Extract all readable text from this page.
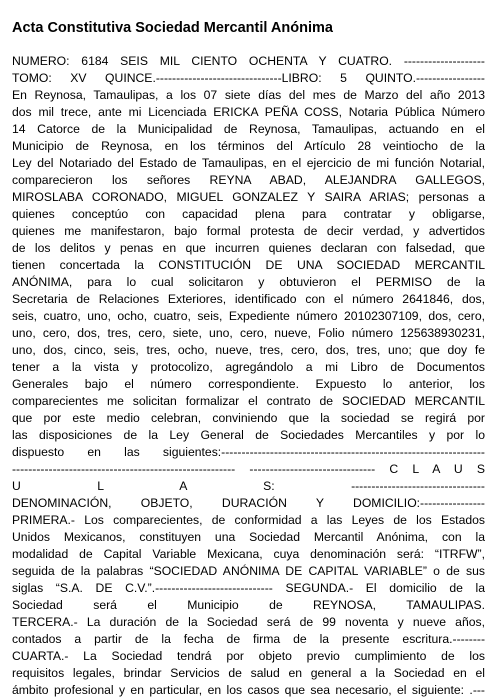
Acta Constitutiva Sociedad Mercantil Anónima
NUMERO: 6184 SEIS MIL CIENTO OCHENTA Y CUATRO. --------------------
TOMO: XV QUINCE.-------------------------------LIBRO: 5 QUINTO.-----------------
En Reynosa, Tamaulipas, a los 07 siete días del mes de Marzo del año 2013
dos mil trece, ante mi Licenciada ERICKA PEÑA COSS, Notaria Pública Número
14 Catorce de la Municipalidad de Reynosa, Tamaulipas, actuando en el
Municipio de Reynosa, en los términos del Artículo 28 veintiocho de la
Ley del Notariado del Estado de Tamaulipas, en el ejercicio de mi función Notarial,
comparecieron los señores REYNA ABAD, ALEJANDRA GALLEGOS,
MIROSLABA CORONADO, MIGUEL GONZALEZ Y SAIRA ARIAS; personas a
quienes conceptúo con capacidad plena para contratar y obligarse,
quienes me manifestaron, bajo formal protesta de decir verdad, y advertidos
de los delitos y penas en que incurren quienes declaran con falsedad, que
tienen concertada la CONSTITUCIÓN DE UNA SOCIEDAD MERCANTIL
ANÓNIMA, para lo cual solicitaron y obtuvieron el PERMISO de la
Secretaria de Relaciones Exteriores, identificado con el número 2641846, dos,
seis, cuatro, uno, ocho, cuatro, seis, Expediente número 20102307109, dos, cero,
uno, cero, dos, tres, cero, siete, uno, cero, nueve, Folio número 125638930231,
uno, dos, cinco, seis, tres, ocho, nueve, tres, cero, dos, tres, uno; que doy fe
tener a la vista y protocolizo, agregándolo a mi Libro de Documentos
Generales bajo el número correspondiente. Expuesto lo anterior, los
comparecientes me solicitan formalizar el contrato de SOCIEDAD MERCANTIL
que por este medio celebran, conviniendo que la sociedad se regirá por
las disposiciones de la Ley General de Sociedades Mercantiles y por lo
dispuesto en las siguientes:-----------------------------------------------------------------
------------------------------------------------------- ------------------------------- C L A U S
U L A S: ---------------------------------
DENOMINACIÓN, OBJETO, DURACIÓN Y DOMICILIO:----------------
PRIMERA.- Los comparecientes, de conformidad a las Leyes de los Estados
Unidos Mexicanos, constituyen una Sociedad Mercantil Anónima, con la
modalidad de Capital Variable Mexicana, cuya denominación será: “ITRFW”,
seguida de la palabras “SOCIEDAD ANÓNIMA DE CAPITAL VARIABLE” o de sus
siglas “S.A. DE C.V.”.----------------------------- SEGUNDA.- El domicilio de la
Sociedad será el Municipio de REYNOSA, TAMAULIPAS.
TERCERA.- La duración de la Sociedad será de 99 noventa y nueve años,
contados a partir de la fecha de firma de la presente escritura.--------
CUARTA.- La Sociedad tendrá por objeto previo cumplimiento de los
requisitos legales, brindar Servicios de salud en general a la Sociedad en el
ámbito profesional y en particular, en los casos que sea necesario, el siguiente: .---
